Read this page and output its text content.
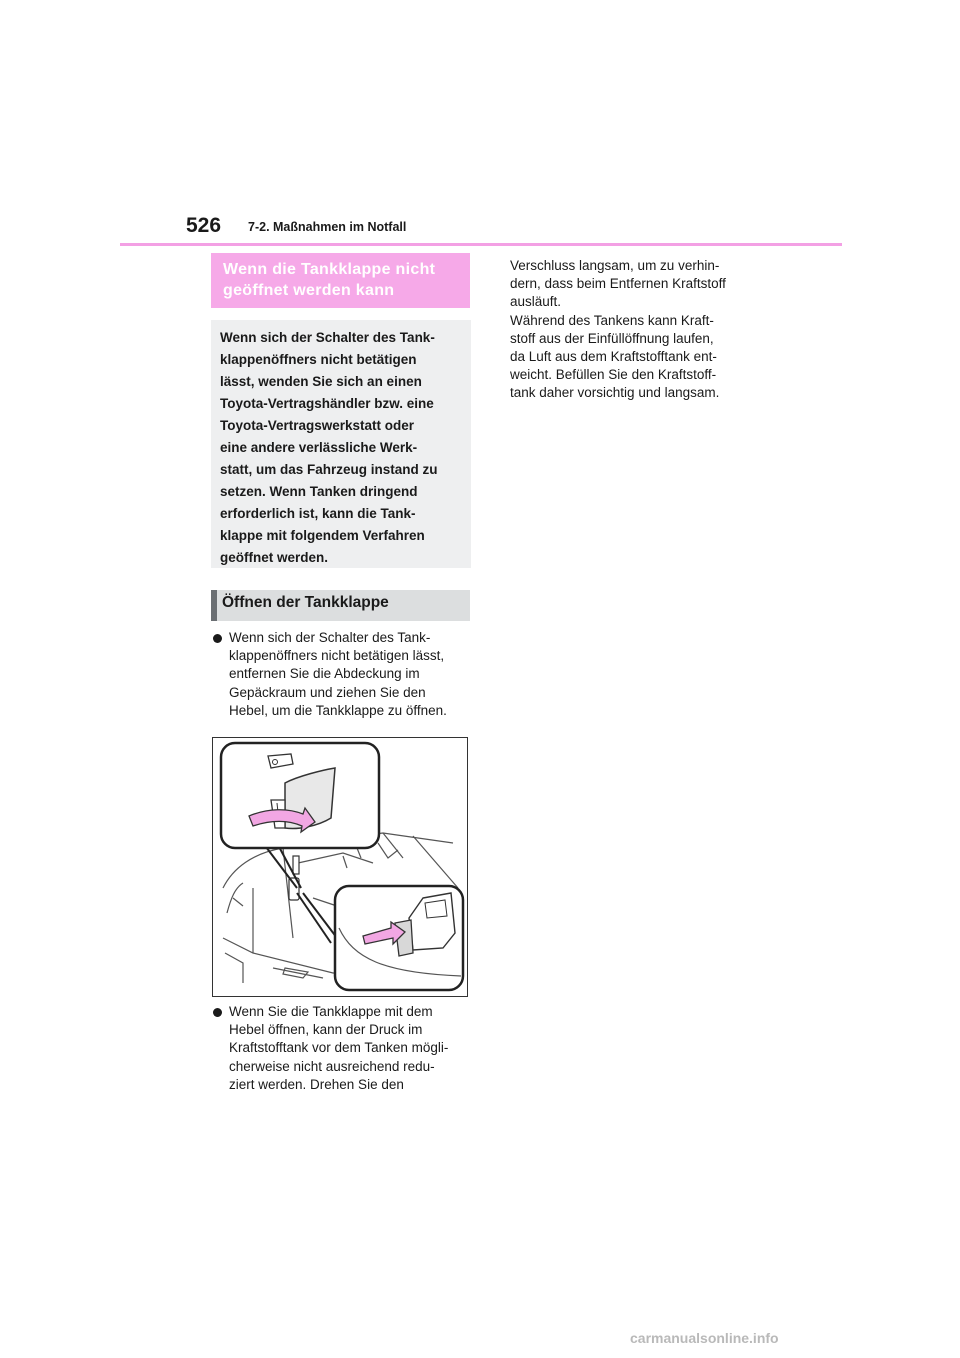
526 7-2. Maßnahmen im Notfall
Wenn die Tankklappe nicht
geöffnet werden kann
Wenn sich der Schalter des Tank-
klappenöffners nicht betätigen
lässt, wenden Sie sich an einen
Toyota-Vertragshändler bzw. eine
Toyota-Vertragswerkstatt oder
eine andere verlässliche Werk-
statt, um das Fahrzeug instand zu
setzen. Wenn Tanken dringend
erforderlich ist, kann die Tank-
klappe mit folgendem Verfahren
geöffnet werden.
Öffnen der Tankklappe
Wenn sich der Schalter des Tank-
klappenöffners nicht betätigen lässt,
entfernen Sie die Abdeckung im
Gepäckraum und ziehen Sie den
Hebel, um die Tankklappe zu öffnen.
Wenn Sie die Tankklappe mit dem
Hebel öffnen, kann der Druck im
Kraftstofftank vor dem Tanken mögli-
cherweise nicht ausreichend redu-
ziert werden. Drehen Sie den
Verschluss langsam, um zu verhin-
dern, dass beim Entfernen Kraftstoff
ausläuft.
Während des Tankens kann Kraft-
stoff aus der Einfüllöffnung laufen,
da Luft aus dem Kraftstofftank ent-
weicht. Befüllen Sie den Kraftstoff-
tank daher vorsichtig und langsam.
carmanualsonline.info
